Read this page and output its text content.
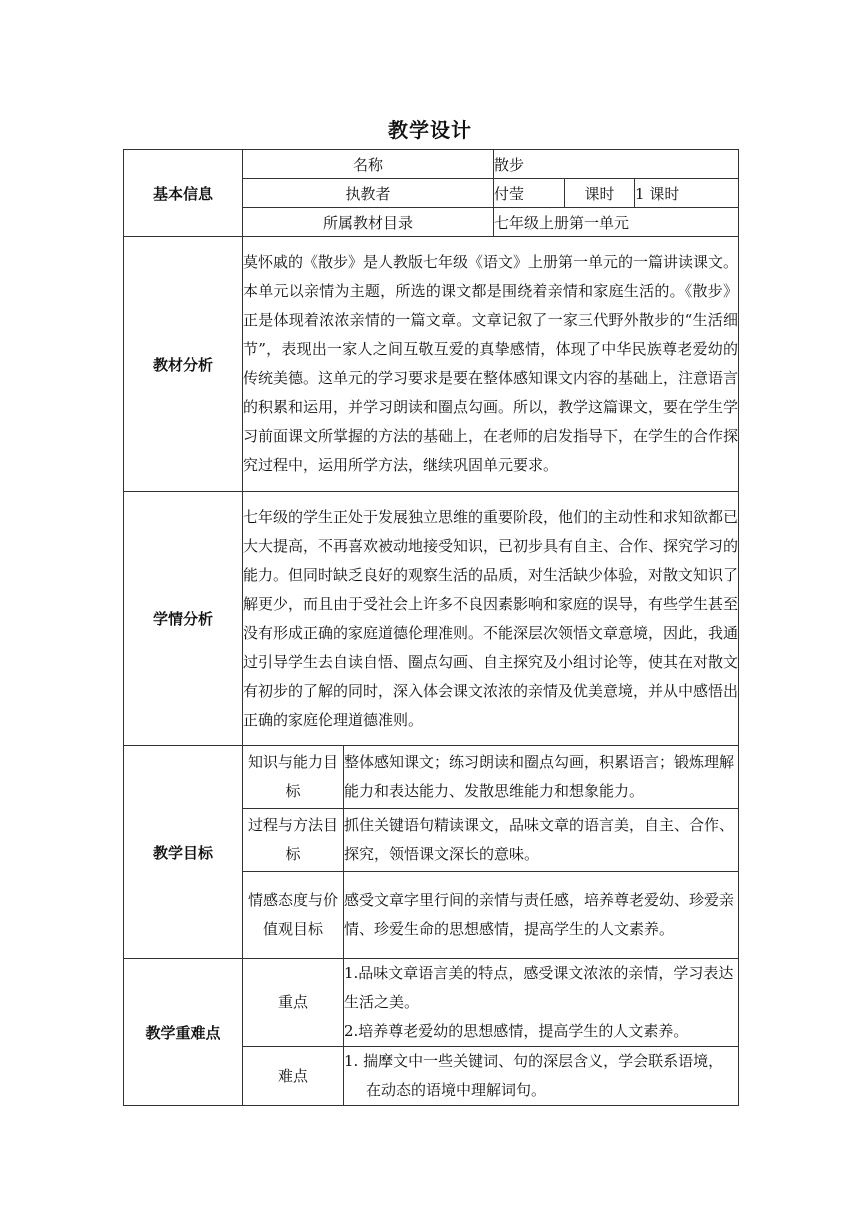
教学设计
基本信息	名称		散步		
	执教者		付莹	课时	1 课时
	所属教材目录		七年级上册第一单元		
教材分析	莫怀戚的《散步》是人教版七年级《语文》上册第一单元的一篇讲读课文。本单元以亲情为主题，所选的课文都是围绕着亲情和家庭生活的。《散步》正是体现着浓浓亲情的一篇文章。文章记叙了一家三代野外散步的“生活细节”，表现出一家人之间互敬互爱的真挚感情，体现了中华民族尊老爱幼的传统美德。这单元的学习要求是要在整体感知课文内容的基础上，注意语言的积累和运用，并学习朗读和圈点勾画。所以，教学这篇课文，要在学生学习前面课文所掌握的方法的基础上，在老师的启发指导下，在学生的合作探究过程中，运用所学方法，继续巩固单元要求。				
学情分析	七年级的学生正处于发展独立思维的重要阶段，他们的主动性和求知欲都已大大提高，不再喜欢被动地接受知识，已初步具有自主、合作、探究学习的能力。但同时缺乏良好的观察生活的品质，对生活缺少体验，对散文知识了解更少，而且由于受社会上许多不良因素影响和家庭的误导，有些学生甚至没有形成正确的家庭道德伦理准则。不能深层次领悟文章意境，因此，我通过引导学生去自读自悟、圈点勾画、自主探究及小组讨论等，使其在对散文有初步的了解的同时，深入体会课文浓浓的亲情及优美意境，并从中感悟出正确的家庭伦理道德准则。				
教学目标	知识与能力目标	整体感知课文；练习朗读和圈点勾画，积累语言；锻炼理解能力和表达能力、发散思维能力和想象能力。			
	过程与方法目标	抓住关键语句精读课文，品味文章的语言美，自主、合作、探究，领悟课文深长的意味。			
	情感态度与价值观目标	感受文章字里行间的亲情与责任感，培养尊老爱幼、珍爱亲情、珍爱生命的思想感情，提高学生的人文素养。			
教学重难点	重点	1.品味文章语言美的特点，感受课文浓浓的亲情，学习表达生活之美。
2.培养尊老爱幼的思想感情，提高学生的人文素养。			

	难点	1. 揣摩文中一些关键词、句的深层含义，学会联系语境，在动态的语境中理解词句。			
